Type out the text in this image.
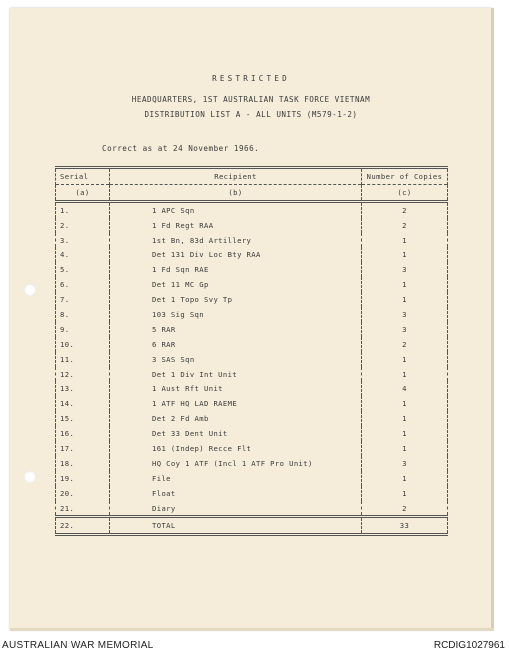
RESTRICTED
HEADQUARTERS, 1ST AUSTRALIAN TASK FORCE VIETNAM
DISTRIBUTION LIST A - ALL UNITS (M579-1-2)
Correct as at 24 November 1966.
Serial	Recipient	Number of Copies
(a)	(b)	(c)
1.	1 APC Sqn	2
2.	1 Fd Regt RAA	2
3.	1st Bn, 83d Artillery	1
4.	Det 131 Div Loc Bty RAA	1
5.	1 Fd Sqn RAE	3
6.	Det 11 MC Gp	1
7.	Det 1 Topo Svy Tp	1
8.	103 Sig Sqn	3
9.	5 RAR	3
10.	6 RAR	2
11.	3 SAS Sqn	1
12.	Det 1 Div Int Unit	1
13.	1 Aust Rft Unit	4
14.	1 ATF HQ LAD RAEME	1
15.	Det 2 Fd Amb	1
16.	Det 33 Dent Unit	1
17.	161 (Indep) Recce Flt	1
18.	HQ Coy 1 ATF (Incl 1 ATF Pro Unit)	3
19.	File	1
20.	Float	1
21.	Diary	2
22.	TOTAL	33
AUSTRALIAN WAR MEMORIAL	RCDIG1027961
